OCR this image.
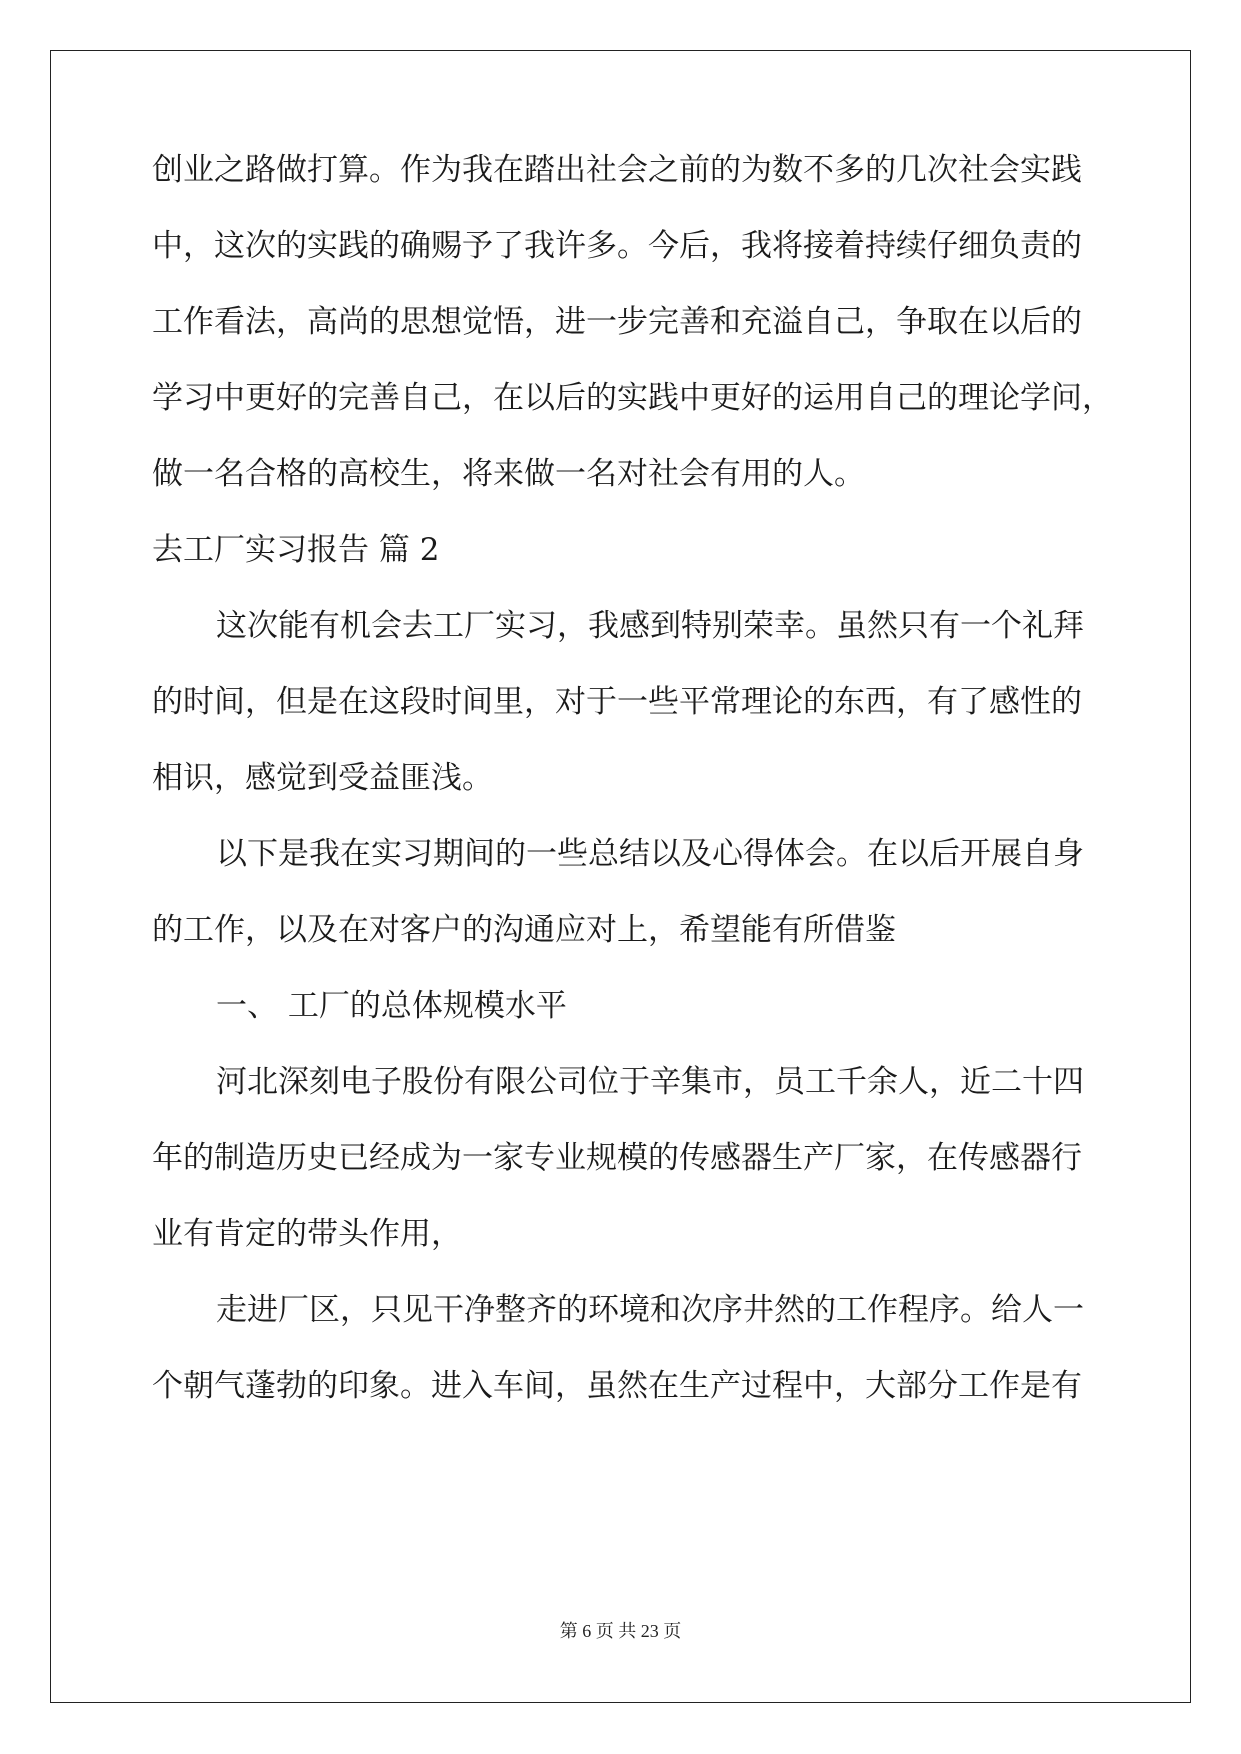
创业之路做打算。作为我在踏出社会之前的为数不多的几次社会实践

中，这次的实践的确赐予了我许多。今后，我将接着持续仔细负责的

工作看法，高尚的思想觉悟，进一步完善和充溢自己，争取在以后的

学习中更好的完善自己，在以后的实践中更好的运用自己的理论学问，

做一名合格的高校生，将来做一名对社会有用的人。

去工厂实习报告 篇 2

这次能有机会去工厂实习，我感到特别荣幸。虽然只有一个礼拜

的时间，但是在这段时间里，对于一些平常理论的东西，有了感性的

相识，感觉到受益匪浅。

以下是我在实习期间的一些总结以及心得体会。在以后开展自身

的工作，以及在对客户的沟通应对上，希望能有所借鉴

一、 工厂的总体规模水平

河北深刻电子股份有限公司位于辛集市，员工千余人，近二十四

年的制造历史已经成为一家专业规模的传感器生产厂家，在传感器行

业有肯定的带头作用，

走进厂区，只见干净整齐的环境和次序井然的工作程序。给人一

个朝气蓬勃的印象。进入车间，虽然在生产过程中，大部分工作是有

第 6 页 共 23 页
